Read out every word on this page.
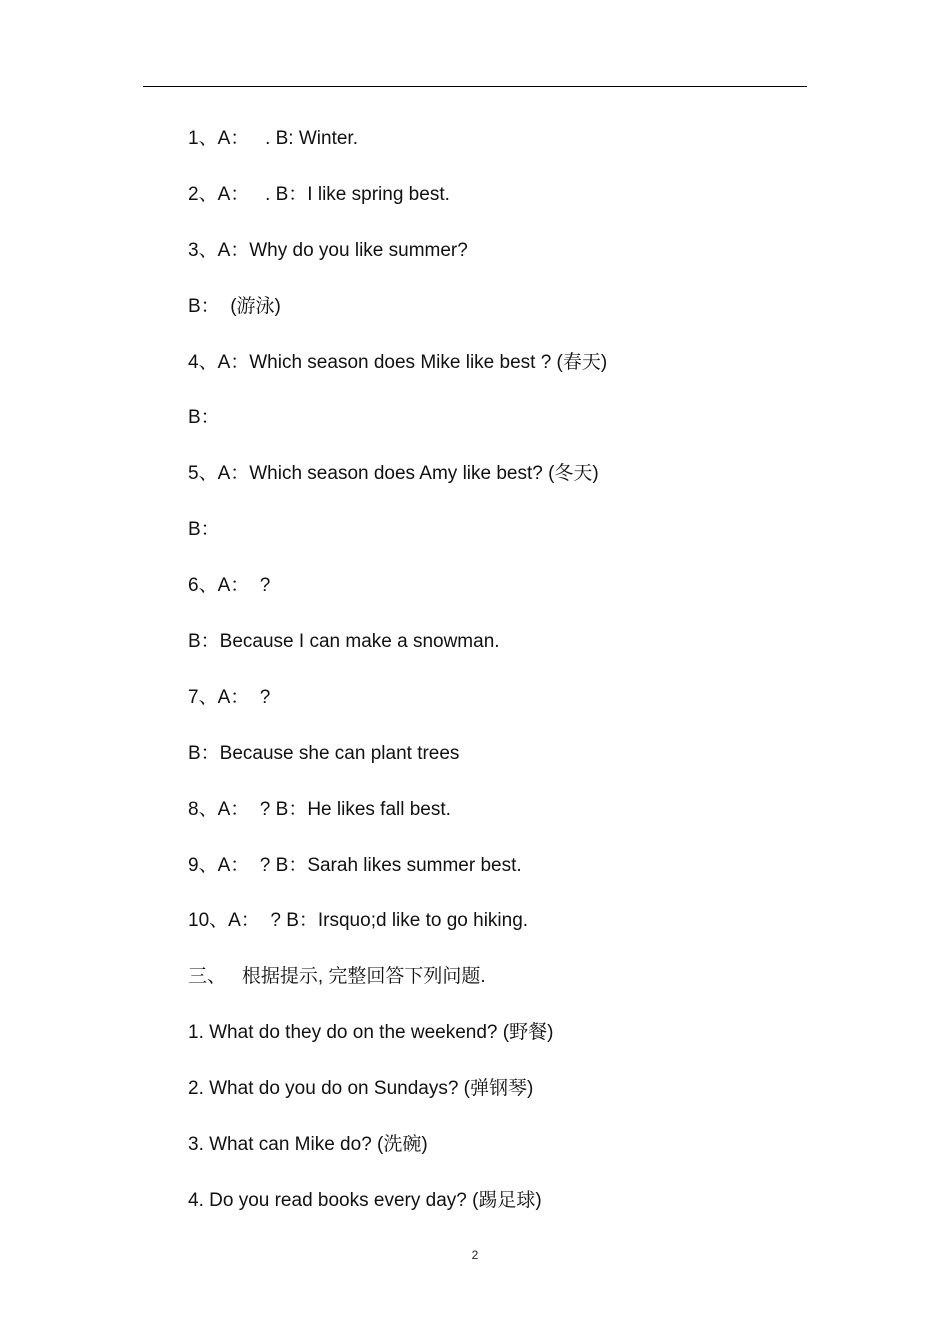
1、A：   . B: Winter.
2、A：   . B：I like spring best.
3、A：Why do you like summer?
B：  (游泳)
4、A：Which season does Mike like best ? (春天)
B：
5、A：Which season does Amy like best? (冬天)
B：
6、A：  ?
B：Because I can make a snowman.
7、A：  ?
B：Because she can plant trees
8、A：  ? B：He likes fall best.
9、A：  ? B：Sarah likes summer best.
10、A：  ? B：Irsquo;d like to go hiking.
三、   根据提示, 完整回答下列问题.
1. What do they do on the weekend? (野餐)
2. What do you do on Sundays? (弹钢琴)
3. What can Mike do? (洗碗)
4. Do you read books every day? (踢足球)
2
